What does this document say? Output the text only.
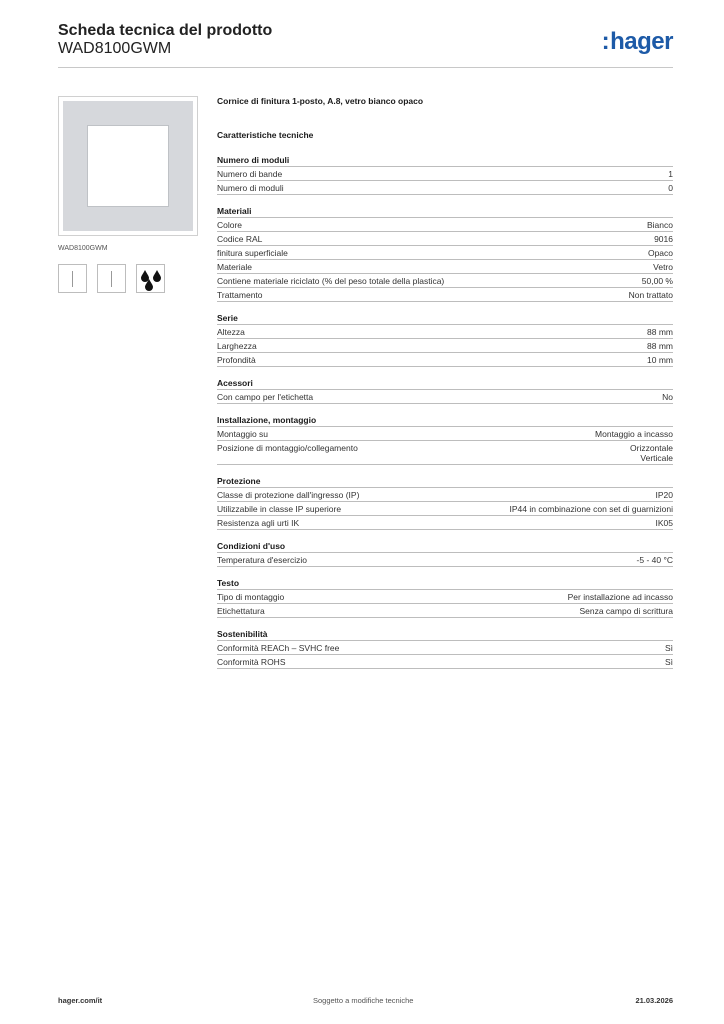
Scheda tecnica del prodotto
WAD8100GWM	:hager
WAD8100GWM
Cornice di finitura 1-posto, A.8, vetro bianco opaco
Caratteristiche tecniche
Numero di moduli
Numero di bande	1
Numero di moduli	0
Materiali
Colore	Bianco
Codice RAL	9016
finitura superficiale	Opaco
Materiale	Vetro
Contiene materiale riciclato (% del peso totale della plastica)	50,00 %
Trattamento	Non trattato
Serie
Altezza	88 mm
Larghezza	88 mm
Profondità	10 mm
Acessori
Con campo per l'etichetta	No
Installazione, montaggio
Montaggio su	Montaggio a incasso
Posizione di montaggio/collegamento	Orizzontale
Verticale
Protezione
Classe di protezione dall'ingresso (IP)	IP20
Utilizzabile in classe IP superiore	IP44 in combinazione con set di guarnizioni
Resistenza agli urti IK	IK05
Condizioni d'uso
Temperatura d'esercizio	-5 - 40 °C
Testo
Tipo di montaggio	Per installazione ad incasso
Etichettatura	Senza campo di scrittura
Sostenibilità
Conformità REACh – SVHC free	Sì
Conformità ROHS	Sì
hager.com/it	Soggetto a modifiche tecniche	21.03.2026
